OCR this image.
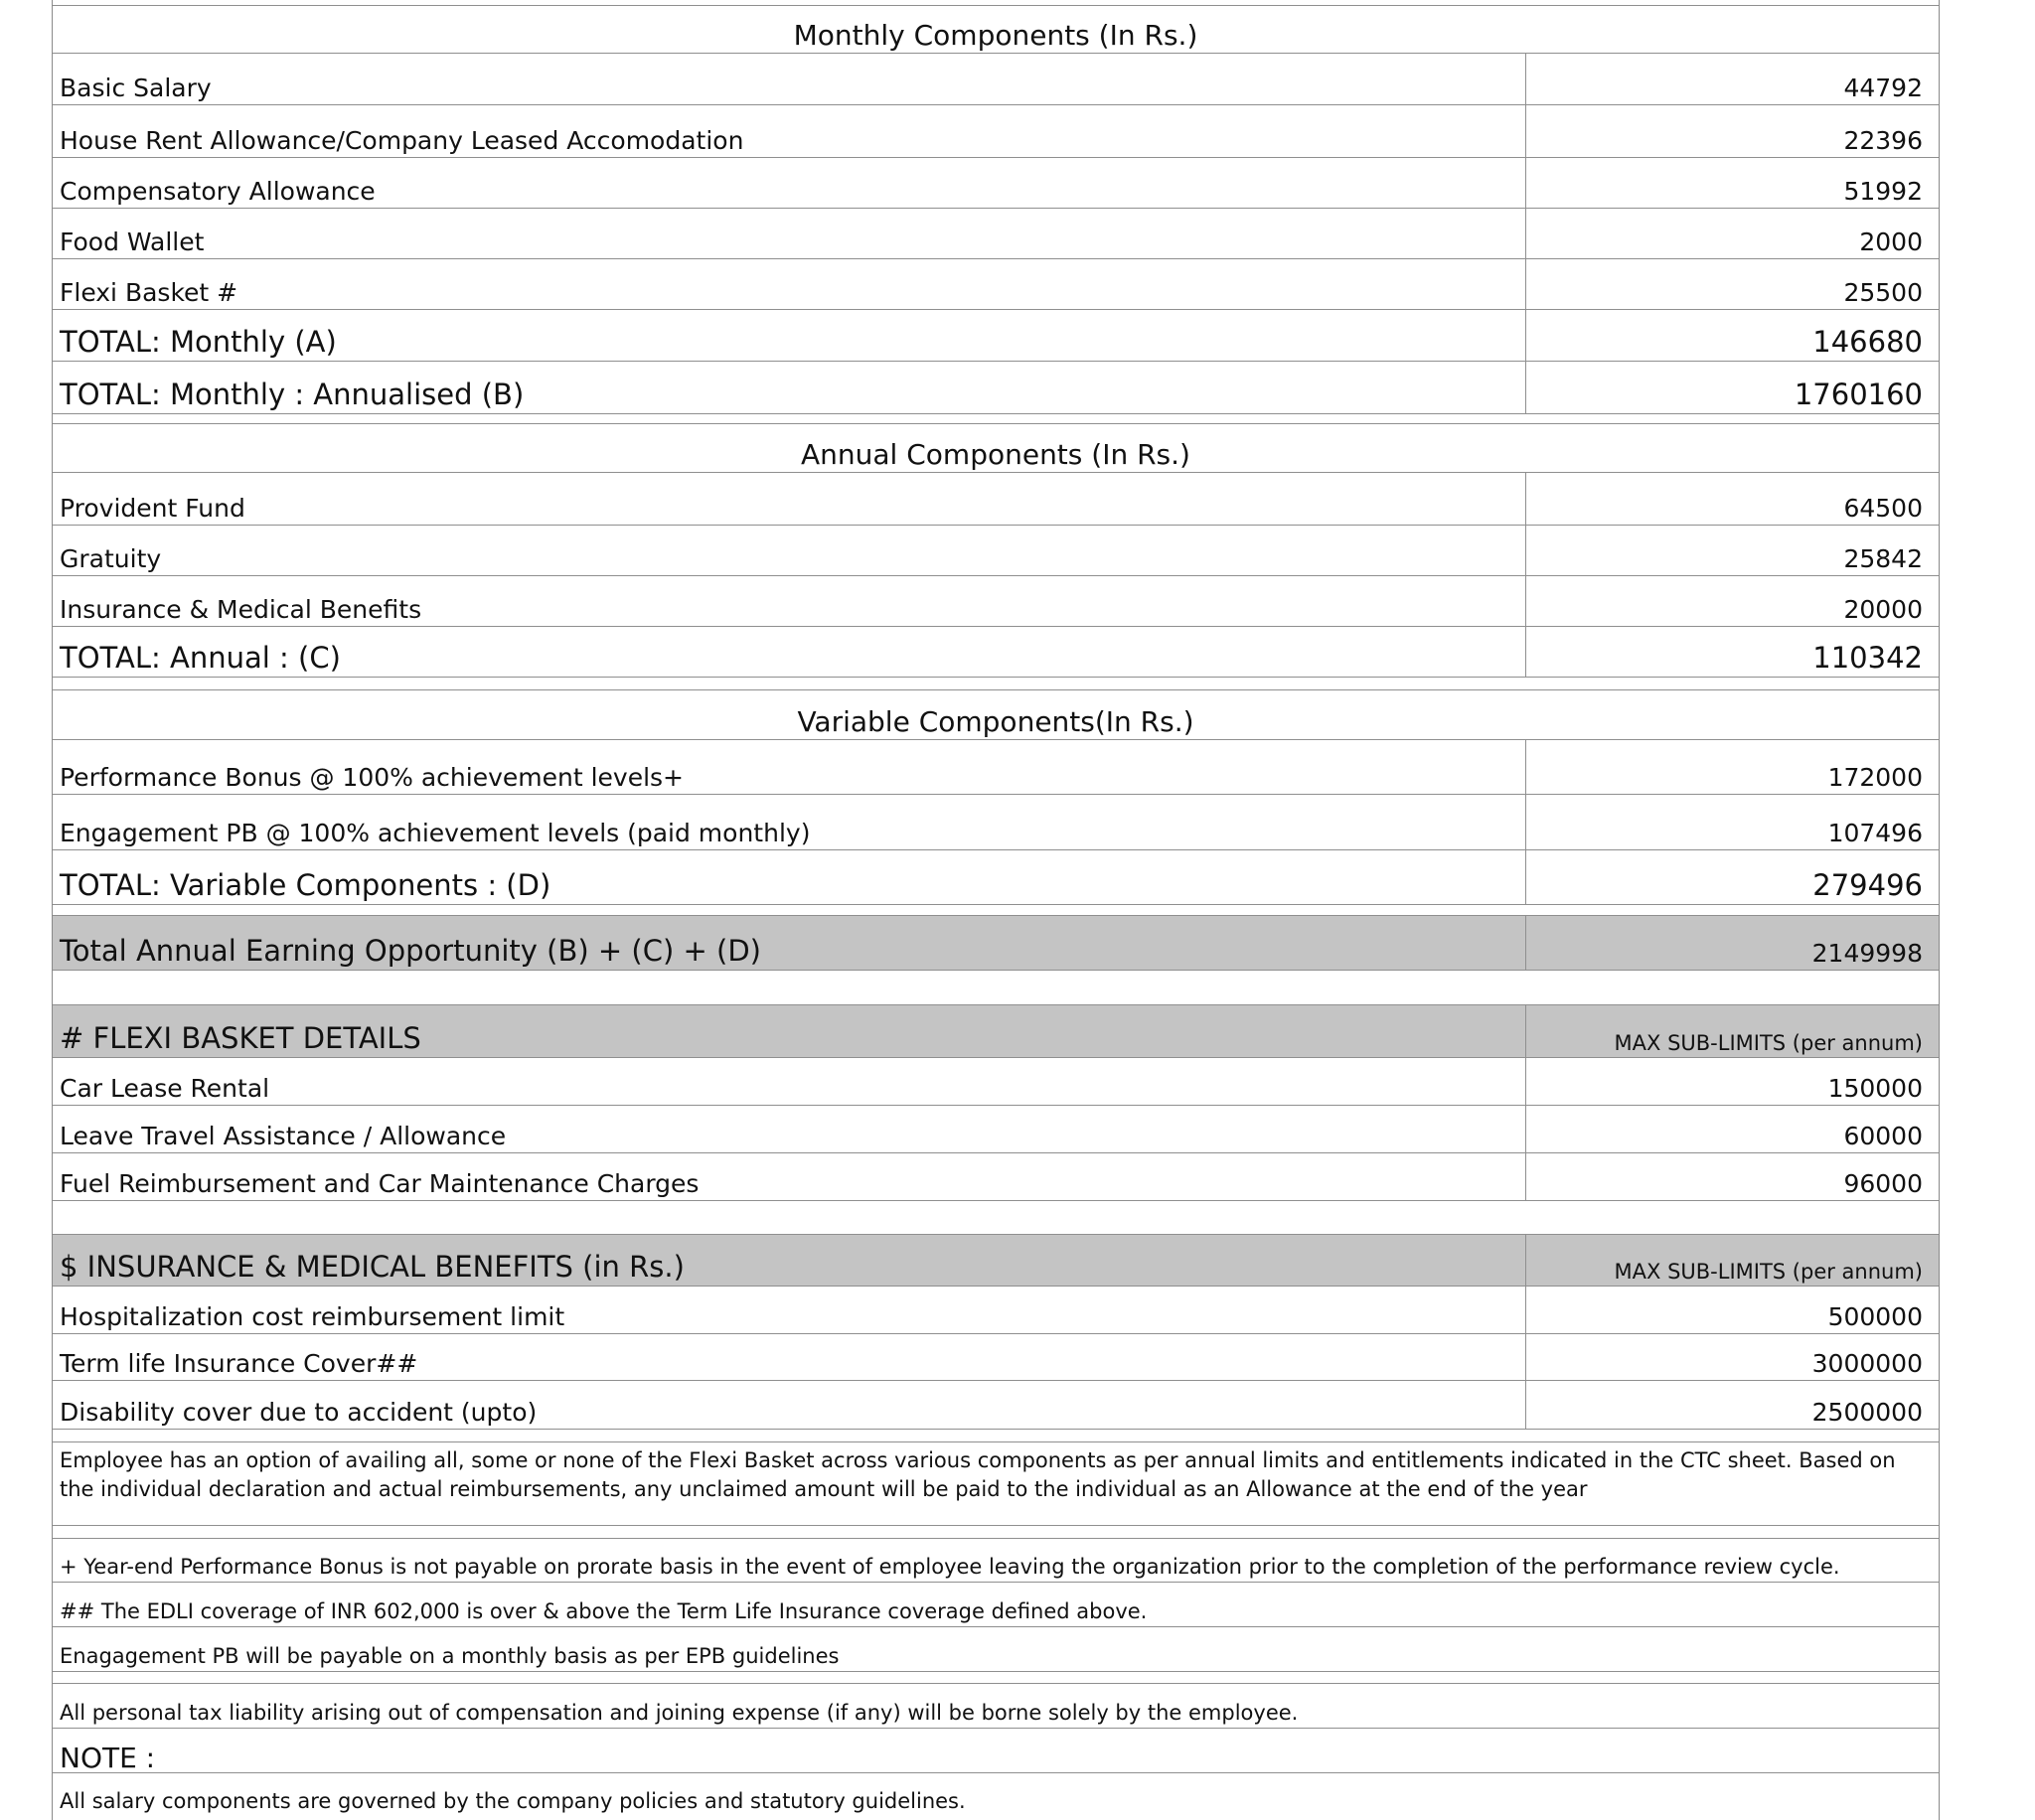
Monthly Components (In Rs.)
Basic Salary	44792
House Rent Allowance/Company Leased Accomodation	22396
Compensatory Allowance	51992
Food Wallet	2000
Flexi Basket #	25500
TOTAL: Monthly (A)	146680
TOTAL: Monthly : Annualised (B)	1760160
Annual Components (In Rs.)
Provident Fund	64500
Gratuity	25842
Insurance & Medical Benefits	20000
TOTAL: Annual : (C)	110342
Variable Components(In Rs.)
Performance Bonus @ 100% achievement levels+	172000
Engagement PB @ 100% achievement levels (paid monthly)	107496
TOTAL: Variable Components : (D)	279496
Total Annual Earning Opportunity (B) + (C) + (D)	2149998
# FLEXI BASKET DETAILS	MAX SUB-LIMITS (per annum)
Car Lease Rental	150000
Leave Travel Assistance / Allowance	60000
Fuel Reimbursement and Car Maintenance Charges	96000
$ INSURANCE & MEDICAL BENEFITS (in Rs.)	MAX SUB-LIMITS (per annum)
Hospitalization cost reimbursement limit	500000
Term life Insurance Cover##	3000000
Disability cover due to accident (upto)	2500000
Employee has an option of availing all, some or none of the Flexi Basket across various components as per annual limits and entitlements indicated in the CTC sheet. Based on the individual declaration and actual reimbursements, any unclaimed amount will be paid to the individual as an Allowance at the end of the year
+ Year-end Performance Bonus is not payable on prorate basis in the event of employee leaving the organization prior to the completion of the performance review cycle.
## The EDLI coverage of INR 602,000 is over & above the Term Life Insurance coverage defined above.
Enagagement PB will be payable on a monthly basis as per EPB guidelines
All personal tax liability arising out of compensation and joining expense (if any) will be borne solely by the employee.
NOTE :
All salary components are governed by the company policies and statutory guidelines.
